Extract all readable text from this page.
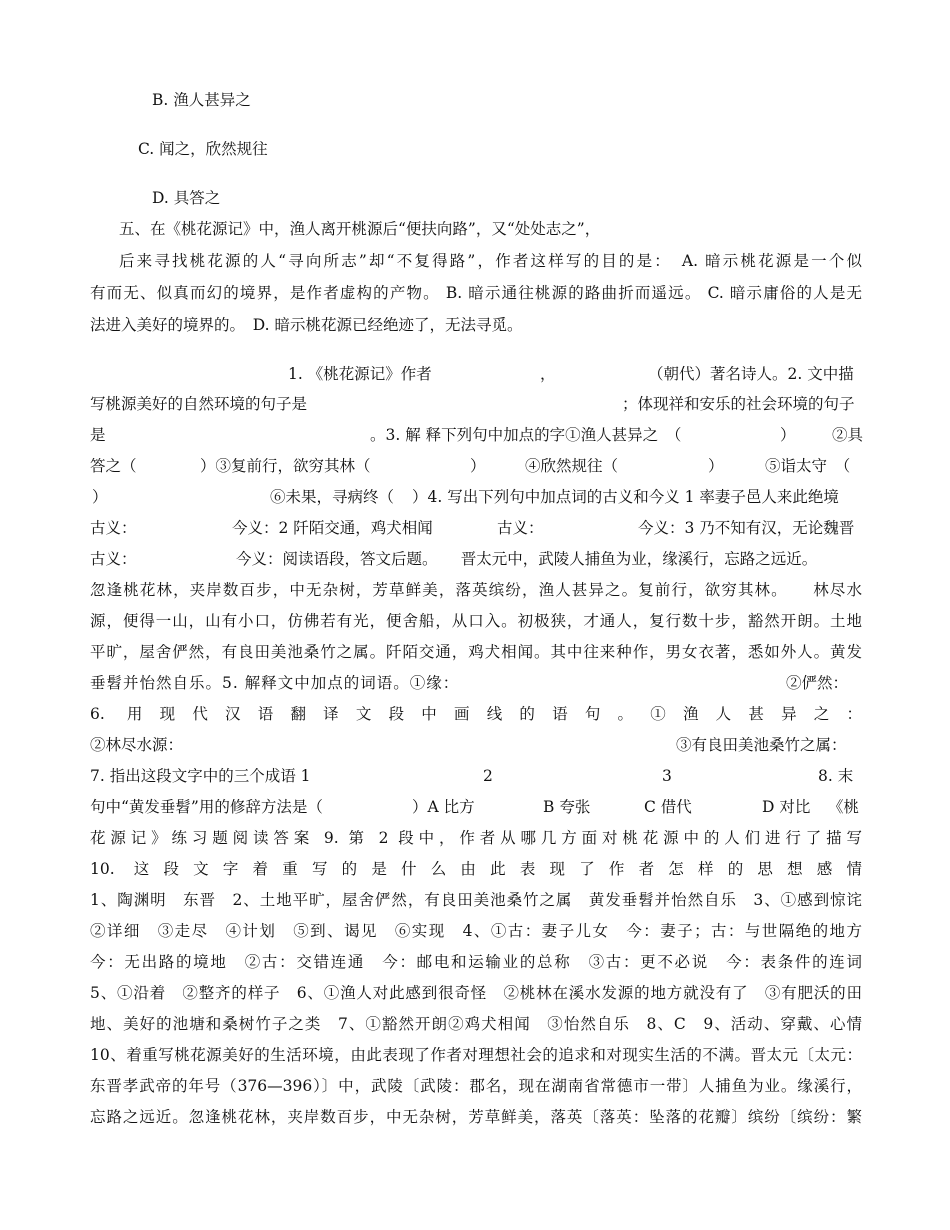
B. 渔人甚异之
C. 闻之，欣然规往
D. 具答之
五、在《桃花源记》中，渔人离开桃源后“便扶向路”，又“处处志之”，
后来寻找桃花源的人“寻向所志”却“不复得路”，作者这样写的目的是：　A. 暗示桃花源是一个似
有而无、似真而幻的境界，是作者虚构的产物。 B. 暗示通往桃源的路曲折而遥远。 C. 暗示庸俗的人是无
法进入美好的境界的。　D. 暗示桃花源已经绝迹了，无法寻觅。
1. 《桃花源记》作者	，	（朝代）著名诗人。2. 文中描
写桃源美好的自然环境的句子是	；体现祥和安乐的社会环境的句子
是	。3. 解 释下列句中加点的字①渔人甚异之　（	） ②具
答之（	）③复前行，欲穷其林（	）	④欣然规往（	）	⑤诣太守　（
）	⑥未果，寻病终（ ）4. 写出下列句中加点词的古义和今义 1 率妻子邑人来此绝境
古义：	今义：2 阡陌交通，鸡犬相闻	古义：	今义：3 乃不知有汉，无论魏晋
古义：	今义：阅读语段，答文后题。　　晋太元中，武陵人捕鱼为业，缘溪行，忘路之远近。
忽逢桃花林，夹岸数百步，中无杂树，芳草鲜美，落英缤纷，渔人甚异之。复前行，欲穷其林。　　林尽水
源，便得一山，山有小口，仿佛若有光，便舍船，从口入。初极狭，才通人，复行数十步，豁然开朗。土地
平旷，屋舍俨然，有良田美池桑竹之属。阡陌交通，鸡犬相闻。其中往来种作，男女衣著，悉如外人。黄发
垂髫并怡然自乐。5. 解释文中加点的词语。①缘：	②俨然：
6. 用现代汉语翻译文段中画线的语句。①渔人甚异之：
②林尽水源：	③有良田美池桑竹之属：
7. 指出这段文字中的三个成语 1	2	3	8. 末
句中“黄发垂髫”用的修辞方法是（	）A 比方	B 夸张	C 借代	D 对比 《桃
花源记》练习题阅读答案 9. 第 2 段中，作者从哪几方面对桃花源中的人们进行了描写
10. 这段文字着重写的是什么由此表现了作者怎样的思想感情
1、陶渊明　东晋　2、土地平旷，屋舍俨然，有良田美池桑竹之属　黄发垂髫并怡然自乐　3、①感到惊诧
②详细　③走尽　④计划　⑤到、谒见　⑥实现　4、①古：妻子儿女　今：妻子；古：与世隔绝的地方
今：无出路的境地　②古：交错连通　今：邮电和运输业的总称　③古：更不必说　今：表条件的连词
5、①沿着　②整齐的样子　6、①渔人对此感到很奇怪　②桃林在溪水发源的地方就没有了　③有肥沃的田
地、美好的池塘和桑树竹子之类　7、①豁然开朗②鸡犬相闻　③怡然自乐　8、C　9、活动、穿戴、心情
10、着重写桃花源美好的生活环境，由此表现了作者对理想社会的追求和对现实生活的不满。晋太元〔太元：
东晋孝武帝的年号（376—396）〕中，武陵〔武陵：郡名，现在湖南省常德市一带〕人捕鱼为业。缘溪行，
忘路之远近。忽逢桃花林，夹岸数百步，中无杂树，芳草鲜美，落英〔落英：坠落的花瓣〕缤纷〔缤纷：繁
